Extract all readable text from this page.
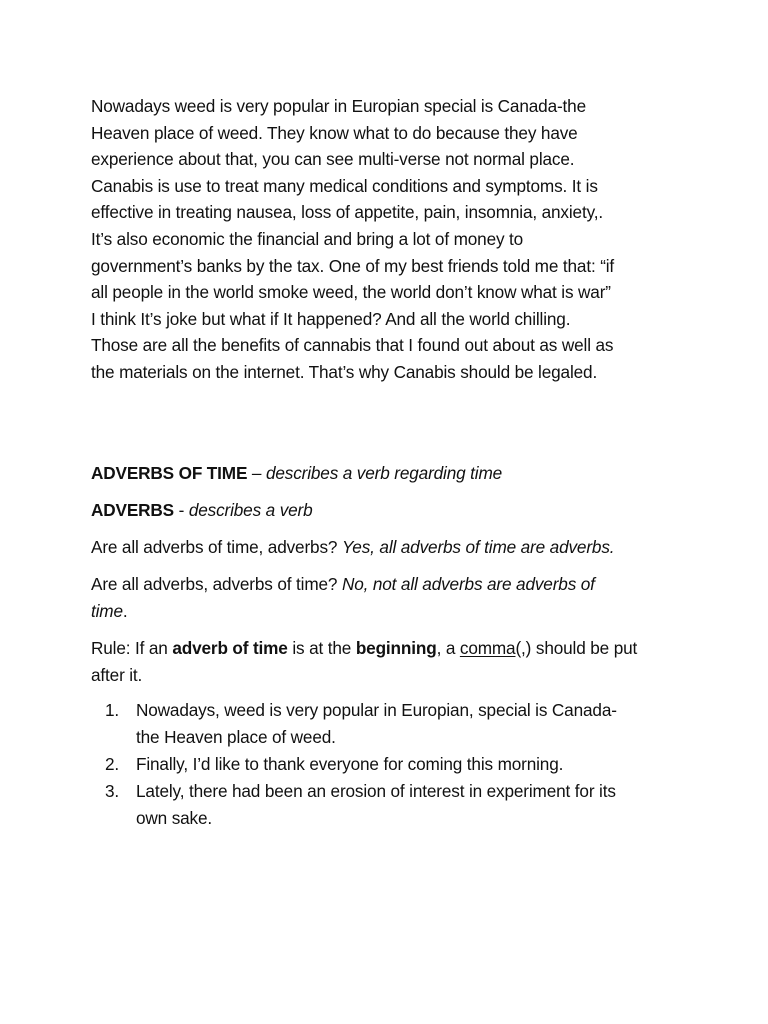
Nowadays weed is very popular in Europian special is Canada-the
Heaven place of weed. They know what to do because they have
experience about that, you can see multi-verse not normal place.
Canabis is use to treat many medical conditions and symptoms. It is
effective in treating nausea, loss of appetite, pain, insomnia, anxiety,.
It’s also economic the financial and bring a lot of money to
government’s banks by the tax. One of my best friends told me that: “if
all people in the world smoke weed, the world don’t know what is war”
I think It’s joke but what if It happened? And all the world chilling.
Those are all the benefits of cannabis that I found out about as well as
the materials on the internet. That’s why Canabis should be legaled.

ADVERBS OF TIME – describes a verb regarding time

ADVERBS - describes a verb

Are all adverbs of time, adverbs? Yes, all adverbs of time are adverbs.

Are all adverbs, adverbs of time? No, not all adverbs are adverbs of
time.

Rule: If an adverb of time is at the beginning, a comma(,) should be put
after it.

1. Nowadays, weed is very popular in Europian, special is Canada-
the Heaven place of weed.
2. Finally, I’d like to thank everyone for coming this morning.
3. Lately, there had been an erosion of interest in experiment for its
own sake.
